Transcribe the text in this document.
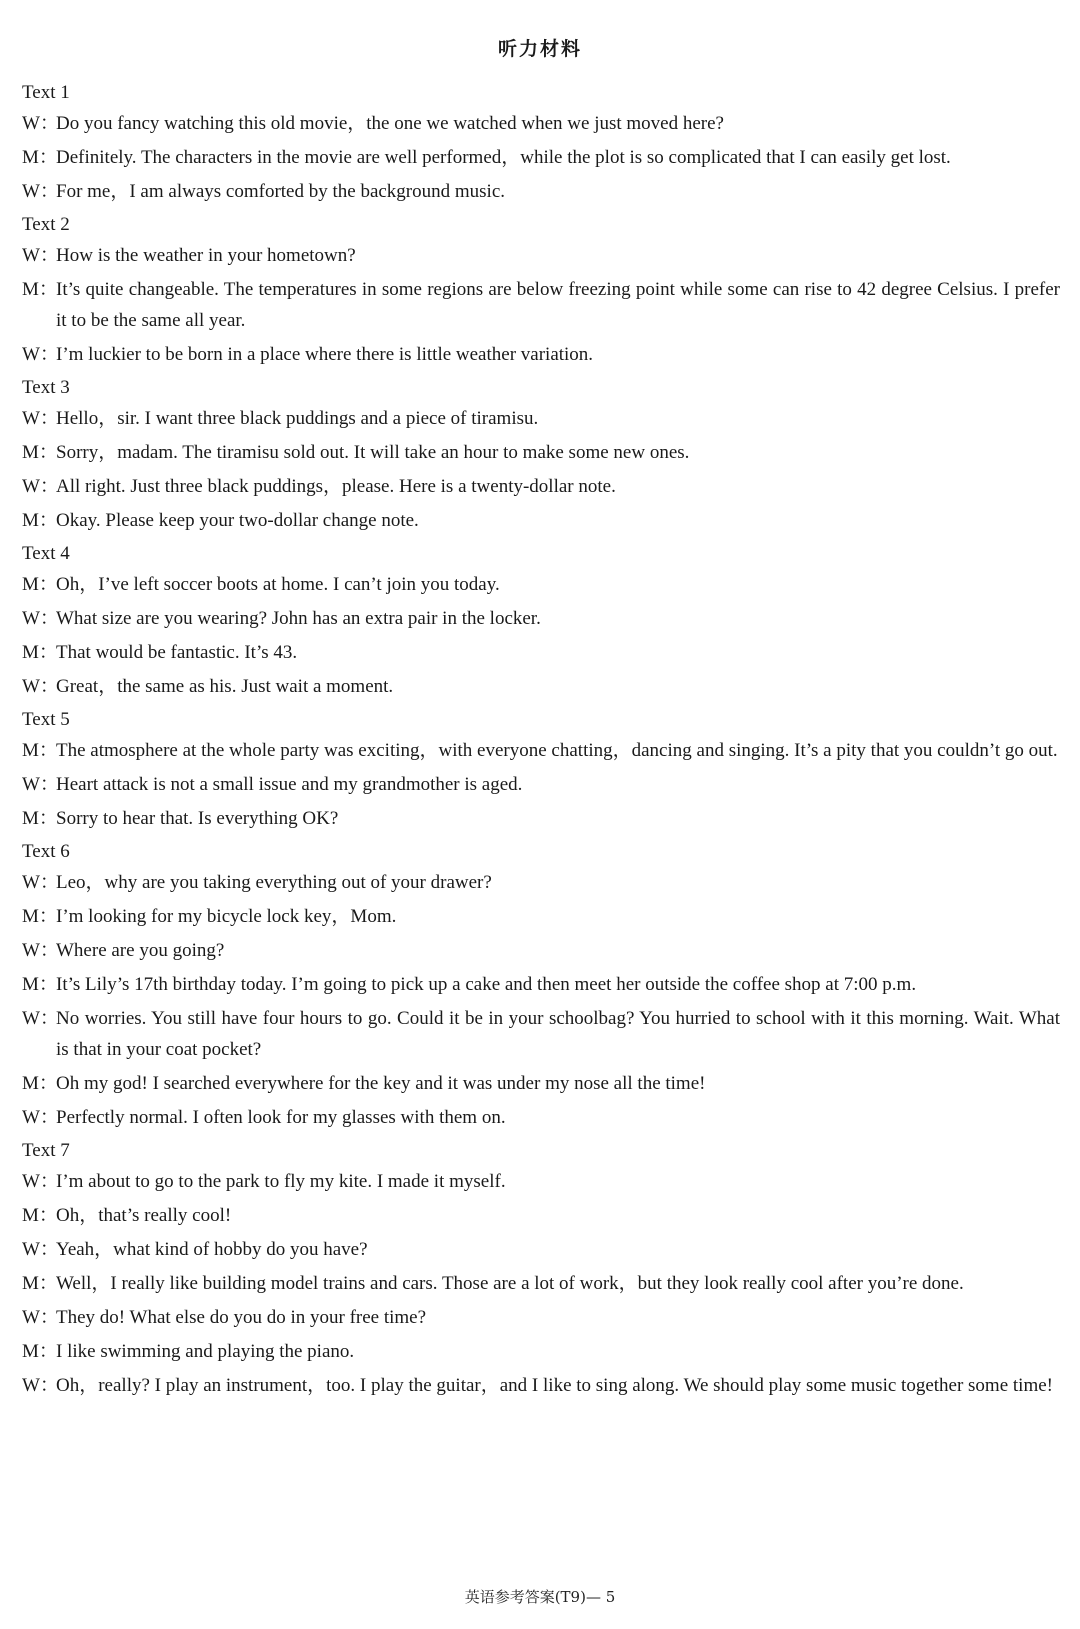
听力材料
Text 1
W：Do you fancy watching this old movie，the one we watched when we just moved here?
M：Definitely. The characters in the movie are well performed，while the plot is so complicated that I can easily get lost.
W：For me，I am always comforted by the background music.
Text 2
W：How is the weather in your hometown?
M：It’s quite changeable. The temperatures in some regions are below freezing point while some can rise to 42 degree Celsius. I prefer it to be the same all year.
W：I’m luckier to be born in a place where there is little weather variation.
Text 3
W：Hello，sir. I want three black puddings and a piece of tiramisu.
M：Sorry，madam. The tiramisu sold out. It will take an hour to make some new ones.
W：All right. Just three black puddings，please. Here is a twenty-dollar note.
M：Okay. Please keep your two-dollar change note.
Text 4
M：Oh，I’ve left soccer boots at home. I can’t join you today.
W：What size are you wearing? John has an extra pair in the locker.
M：That would be fantastic. It’s 43.
W：Great，the same as his. Just wait a moment.
Text 5
M：The atmosphere at the whole party was exciting，with everyone chatting，dancing and singing. It’s a pity that you couldn’t go out.
W：Heart attack is not a small issue and my grandmother is aged.
M：Sorry to hear that. Is everything OK?
Text 6
W：Leo，why are you taking everything out of your drawer?
M：I’m looking for my bicycle lock key，Mom.
W：Where are you going?
M：It’s Lily’s 17th birthday today. I’m going to pick up a cake and then meet her outside the coffee shop at 7:00 p.m.
W：No worries. You still have four hours to go. Could it be in your schoolbag? You hurried to school with it this morning. Wait. What is that in your coat pocket?
M：Oh my god! I searched everywhere for the key and it was under my nose all the time!
W：Perfectly normal. I often look for my glasses with them on.
Text 7
W：I’m about to go to the park to fly my kite. I made it myself.
M：Oh，that’s really cool!
W：Yeah，what kind of hobby do you have?
M：Well，I really like building model trains and cars. Those are a lot of work，but they look really cool after you’re done.
W：They do! What else do you do in your free time?
M：I like swimming and playing the piano.
W：Oh，really? I play an instrument，too. I play the guitar，and I like to sing along. We should play some music together some time!
英语参考答案(T9)— 5
